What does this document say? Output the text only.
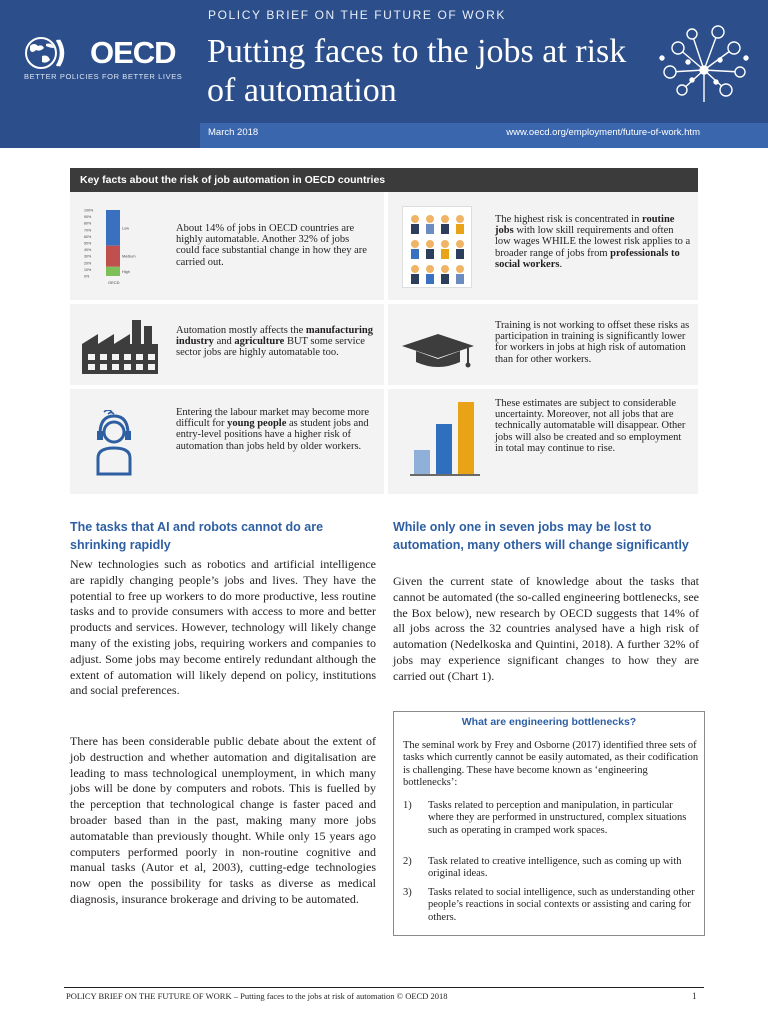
POLICY BRIEF ON THE FUTURE OF WORK
OECD
BETTER POLICIES FOR BETTER LIVES
Putting faces to the jobs at risk of automation
March 2018	www.oecd.org/employment/future-of-work.htm
Key facts about the risk of job automation in OECD countries
100%
90%
80%
70%
60%
50%
40%
30%
20%
10%
0%
Low
Medium
High
OECD
About 14% of jobs in OECD countries are highly automatable. Another 32% of jobs could face substantial change in how they are carried out.
The highest risk is concentrated in routine jobs with low skill requirements and often low wages WHILE the lowest risk applies to a broader range of jobs from professionals to social workers.
Automation mostly affects the manufacturing industry and agriculture BUT some service sector jobs are highly automatable too.
Training is not working to offset these risks as participation in training is significantly lower for workers in jobs at high risk of automation than for other workers.
Entering the labour market may become more difficult for young people as student jobs and entry-level positions have a higher risk of automation than jobs held by older workers.
These estimates are subject to considerable uncertainty. Moreover, not all jobs that are technically automatable will disappear. Other jobs will also be created and so employment in total may continue to rise.
The tasks that AI and robots cannot do are shrinking rapidly
New technologies such as robotics and artificial intelligence are rapidly changing people’s jobs and lives. They have the potential to free up workers to do more productive, less routine tasks and to provide consumers with access to more and better products and services. However, technology will likely change many of the existing jobs, requiring workers and companies to adjust. Some jobs may become entirely redundant although the extent of automation will likely depend on policy, institutions and social preferences.
There has been considerable public debate about the extent of job destruction and whether automation and digitalisation are leading to mass technological unemployment, in which many jobs will be done by computers and robots. This is fuelled by the perception that technological change is faster paced and broader based than in the past, making many more jobs automatable than previously thought. While only 15 years ago computers performed poorly in non-routine cognitive and manual tasks (Autor et al, 2003), cutting-edge technologies now open the possibility for tasks as diverse as medical diagnosis, insurance brokerage and driving to be automated.
While only one in seven jobs may be lost to automation, many others will change significantly
Given the current state of knowledge about the tasks that cannot be automated (the so-called engineering bottlenecks, see the Box below), new research by OECD suggests that 14% of all jobs across the 32 countries analysed have a high risk of automation (Nedelkoska and Quintini, 2018). A further 32% of jobs may experience significant changes to how they are carried out (Chart 1).
What are engineering bottlenecks?
The seminal work by Frey and Osborne (2017) identified three sets of tasks which currently cannot be easily automated, as their codification is challenging. These have become known as ‘engineering bottlenecks’:
1) Tasks related to perception and manipulation, in particular where they are performed in unstructured, complex situations such as operating in cramped work spaces.
2) Task related to creative intelligence, such as coming up with original ideas.
3) Tasks related to social intelligence, such as understanding other people’s reactions in social contexts or assisting and caring for others.
POLICY BRIEF ON THE FUTURE OF WORK – Putting faces to the jobs at risk of automation © OECD 2018	1
